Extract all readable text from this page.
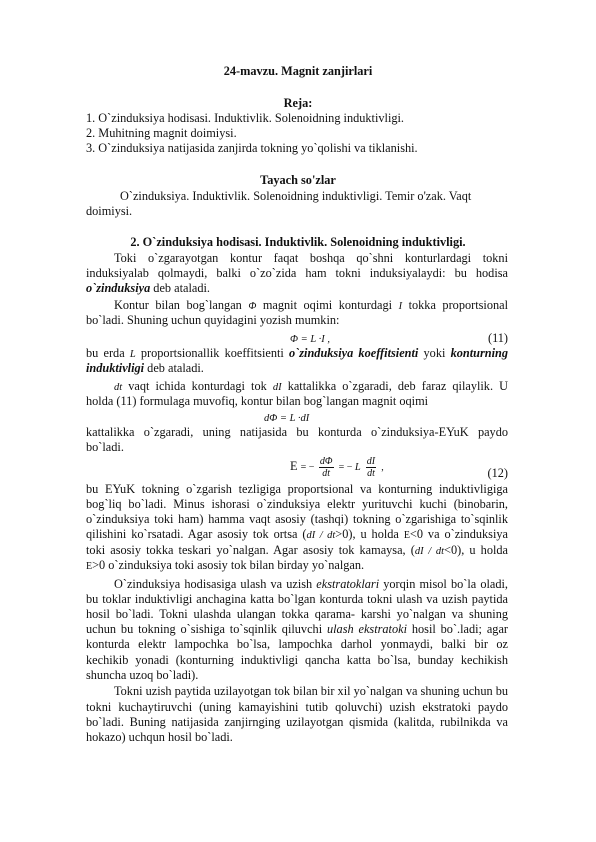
24-mavzu. Magnit zanjirlari
Reja:
1. O`zinduksiya hodisasi. Induktivlik. Solenoidning induktivligi.
2. Muhitning magnit doimiysi.
3. O`zinduksiya natijasida zanjirda tokning yo`qolishi va tiklanishi.
Tayach so'zlar
O`zinduksiya. Induktivlik. Solenoidning induktivligi. Temir o'zak. Vaqt
doimiysi.
2. O`zinduksiya hodisasi. Induktivlik. Solenoidning induktivligi.
Toki o`zgarayotgan kontur faqat boshqa qo`shni konturlardagi tokni
induksiyalab qolmaydi, balki o`zo`zida ham tokni induksiyalaydi: bu hodisa
o`zinduksiya deb ataladi.
Kontur bilan bog`langan Φ magnit oqimi konturdagi I tokka proportsional
bo`ladi. Shuning uchun quyidagini yozish mumkin:
Φ = L ·I ,	(11)
bu erda L proportsionallik koeffitsienti o`zinduksiya koeffitsienti yoki konturning
induktivligi deb ataladi.
dt vaqt ichida konturdagi tok dI kattalikka o`zgaradi, deb faraz qilaylik. U
holda (11) formulaga muvofiq, kontur bilan bog`langan magnit oqimi
dΦ = L ·dI
kattalikka o`zgaradi, uning natijasida bu konturda o`zinduksiya-EYuK paydo
bo`ladi.
E = − $\frac{d\Phi}{dt}$ = − L $\frac{dI}{dt}$ ,	(12)
bu EYuK tokning o`zgarish tezligiga proportsional va konturning induktivligiga
bog`liq bo`ladi. Minus ishorasi o`zinduksiya elektr yurituvchi kuchi (binobarin,
o`zinduksiya toki ham) hamma vaqt asosiy (tashqi) tokning o`zgarishiga to`sqinlik
qilishini ko`rsatadi. Agar asosiy tok ortsa (dI / dt>0), u holda E<0 va o`zinduksiya
toki asosiy tokka teskari yo`nalgan. Agar asosiy tok kamaysa, (dI / dt<0), u holda
E>0 o`zinduksiya toki asosiy tok bilan birday yo`nalgan.
O`zinduksiya hodisasiga ulash va uzish ekstratoklari yorqin misol bo`la oladi,
bu toklar induktivligi anchagina katta bo`lgan konturda tokni ulash va uzish paytida
hosil bo`ladi. Tokni ulashda ulangan tokka qarama- karshi yo`nalgan va shuning
uchun bu tokning o`sishiga to`sqinlik qiluvchi ulash ekstratoki hosil bo`.ladi; agar
konturda elektr lampochka bo`lsa, lampochka darhol yonmaydi, balki bir oz
kechikib yonadi (konturning induktivligi qancha katta bo`lsa, bunday kechikish
shuncha uzoq bo`ladi).
Tokni uzish paytida uzilayotgan tok bilan bir xil yo`nalgan va shuning uchun bu
tokni kuchaytiruvchi (uning kamayishini tutib qoluvchi) uzish ekstratoki paydo
bo`ladi. Buning natijasida zanjirnging uzilayotgan qismida (kalitda, rubilnikda va
hokazo) uchqun hosil bo`ladi.
